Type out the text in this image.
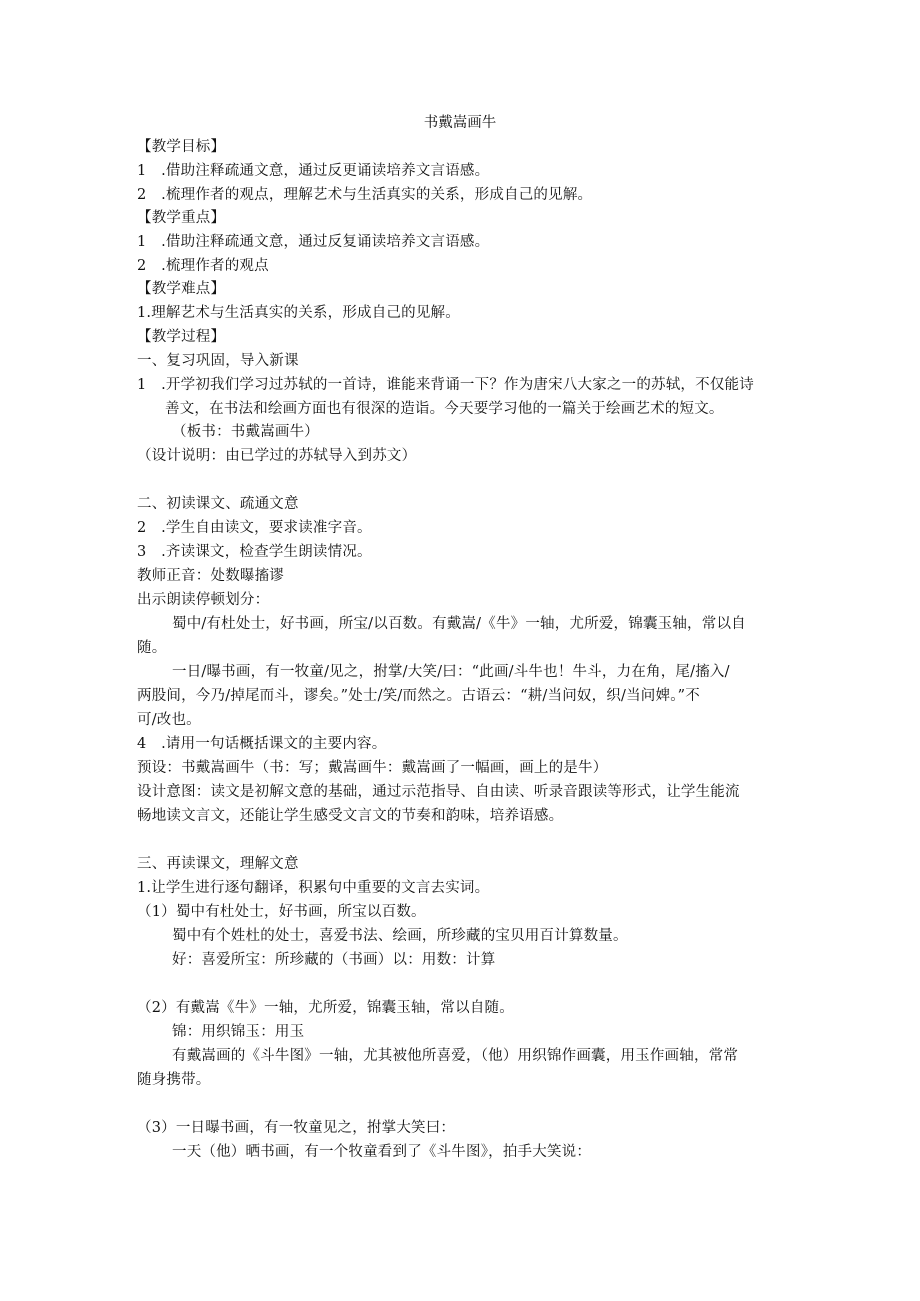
书戴嵩画牛
【教学目标】
1　.借助注释疏通文意，通过反更诵读培养文言语感。
2　.梳理作者的观点，理解艺术与生活真实的关系，形成自己的见解。
【教学重点】
1　.借助注释疏通文意，通过反复诵读培养文言语感。
2　.梳理作者的观点
【教学难点】
1.理解艺术与生活真实的关系，形成自己的见解。
【教学过程】
一、复习巩固，导入新课
1　.开学初我们学习过苏轼的一首诗，谁能来背诵一下？作为唐宋八大家之一的苏轼，不仅能诗
善文，在书法和绘画方面也有很深的造诣。今天要学习他的一篇关于绘画艺术的短文。
（板书：书戴嵩画牛）
（设计说明：由已学过的苏轼导入到苏文）
二、初读课文、疏通文意
2　.学生自由读文，要求读准字音。
3　.齐读课文，检查学生朗读情况。
教师正音：处数曝搐谬
出示朗读停顿划分：
蜀中/有杜处士，好书画，所宝/以百数。有戴嵩/《牛》一轴，尤所爱，锦囊玉轴，常以自
随。
一日/曝书画，有一牧童/见之，拊掌/大笑/曰：“此画/斗牛也！牛斗，力在角，尾/搐入/
两股间，今乃/掉尾而斗，谬矣。”处士/笑/而然之。古语云：“耕/当问奴，织/当问婢。”不
可/改也。
4　.请用一句话概括课文的主要内容。
预设：书戴嵩画牛（书：写；戴嵩画牛：戴嵩画了一幅画，画上的是牛）
设计意图：读文是初解文意的基础，通过示范指导、自由读、听录音跟读等形式，让学生能流
畅地读文言文，还能让学生感受文言文的节奏和韵味，培养语感。
三、再读课文，理解文意
1.让学生进行逐句翻译，积累句中重要的文言去实词。
（1）蜀中有杜处士，好书画，所宝以百数。
蜀中有个姓杜的处士，喜爱书法、绘画，所珍藏的宝贝用百计算数量。
好：喜爱所宝：所珍藏的（书画）以：用数：计算
（2）有戴嵩《牛》一轴，尤所爱，锦囊玉轴，常以自随。
锦：用织锦玉：用玉
有戴嵩画的《斗牛图》一轴，尤其被他所喜爱，（他）用织锦作画囊，用玉作画轴，常常
随身携带。
（3）一日曝书画，有一牧童见之，拊掌大笑曰：
一天（他）晒书画，有一个牧童看到了《斗牛图》，拍手大笑说：
